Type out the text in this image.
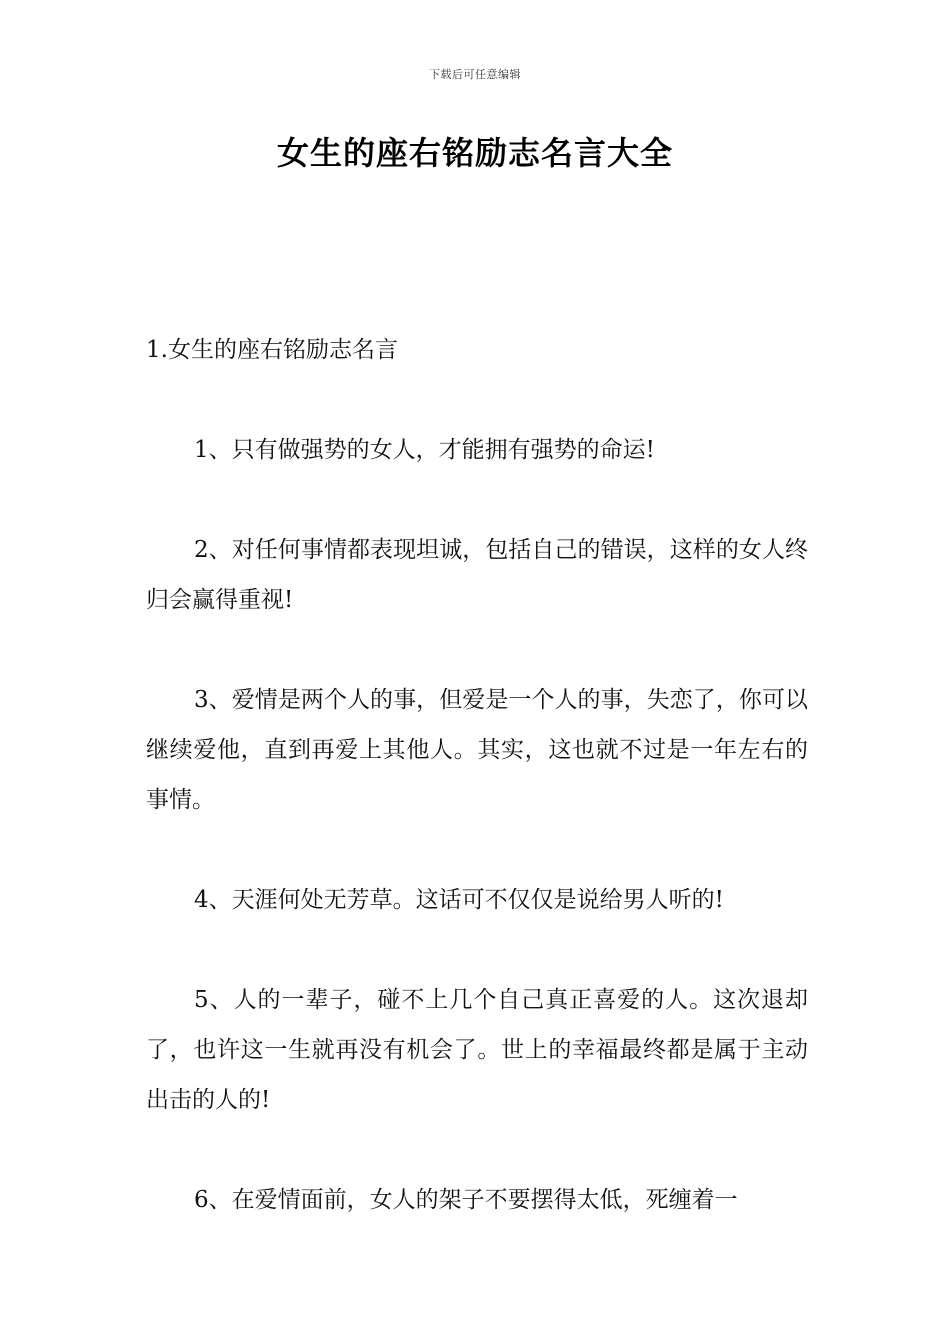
下载后可任意编辑
女生的座右铭励志名言大全

1.女生的座右铭励志名言

1、只有做强势的女人，才能拥有强势的命运!

2、对任何事情都表现坦诚，包括自己的错误，这样的女人终归会赢得重视!

3、爱情是两个人的事，但爱是一个人的事，失恋了，你可以继续爱他，直到再爱上其他人。其实，这也就不过是一年左右的事情。

4、天涯何处无芳草。这话可不仅仅是说给男人听的!

5、人的一辈子，碰不上几个自己真正喜爱的人。这次退却了，也许这一生就再没有机会了。世上的幸福最终都是属于主动出击的人的!

6、在爱情面前，女人的架子不要摆得太低，死缠着一
